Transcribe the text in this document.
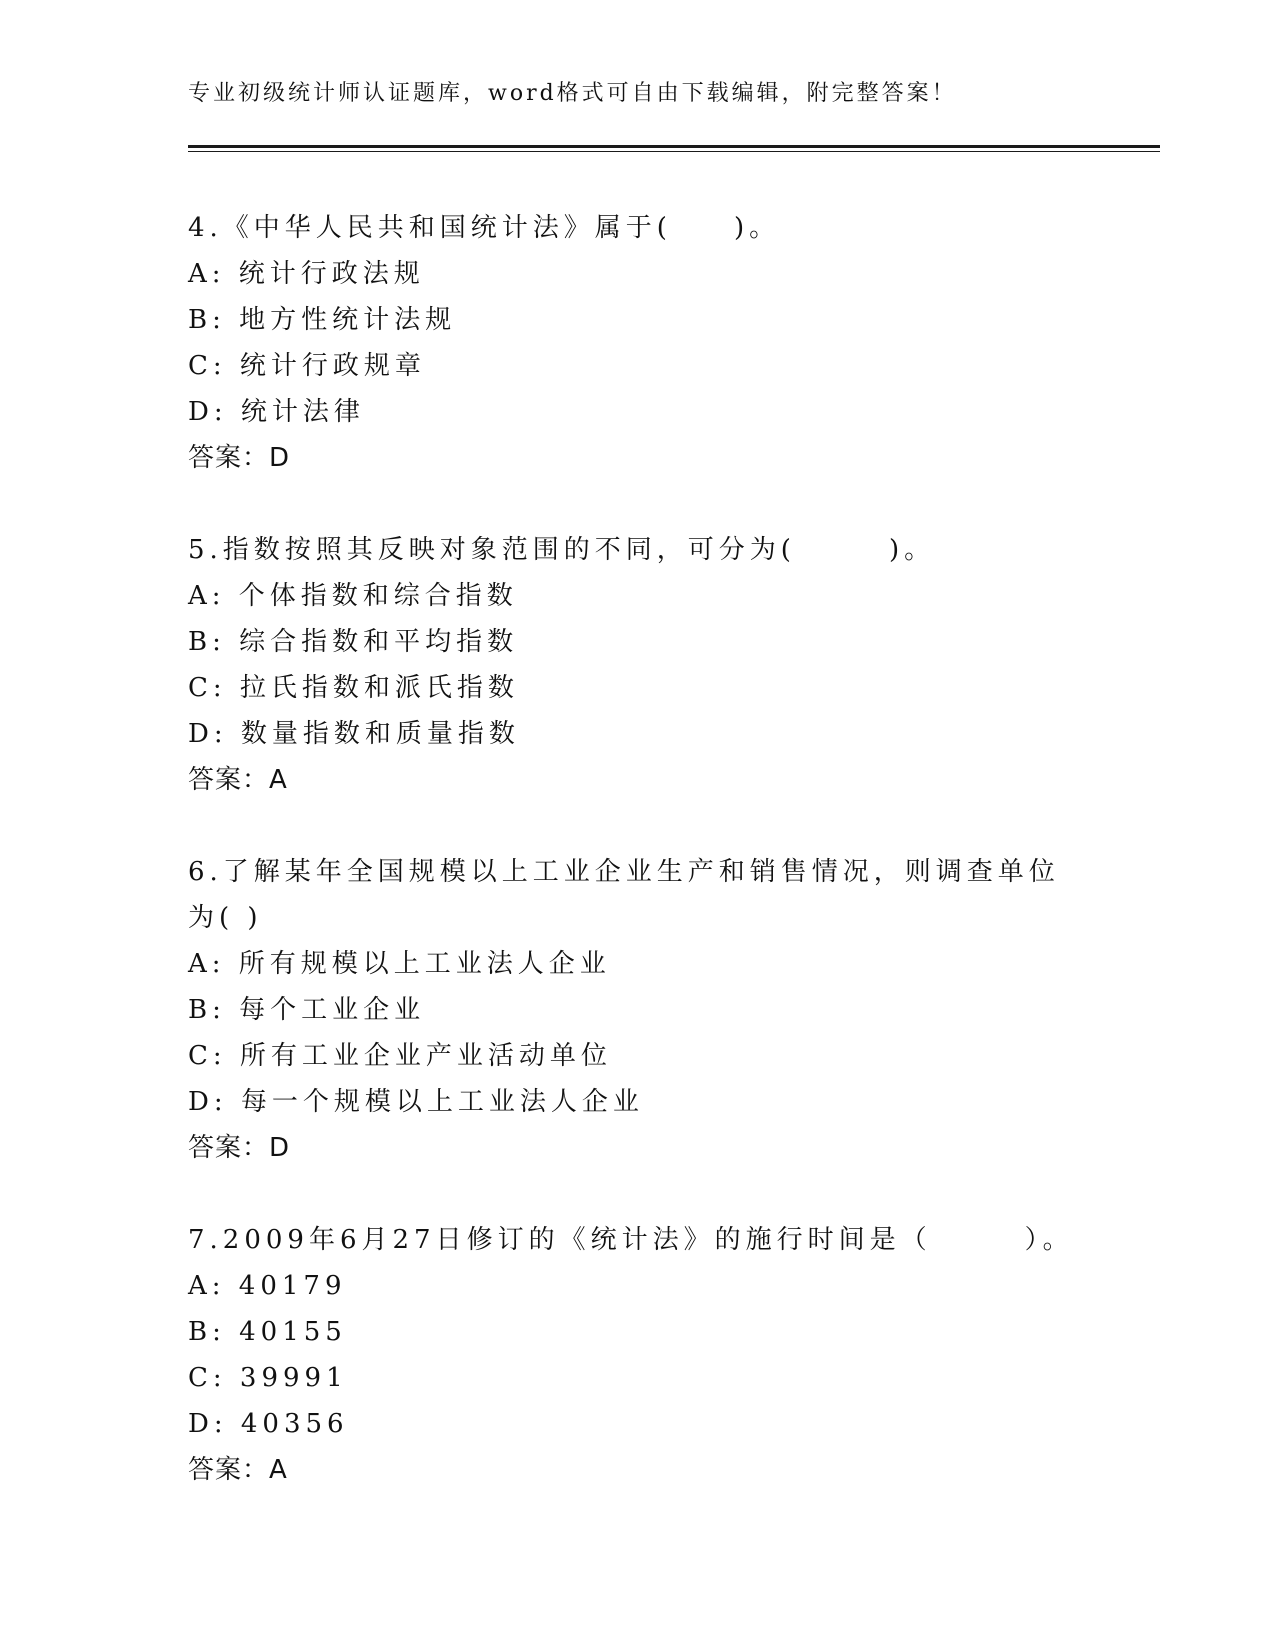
专业初级统计师认证题库，word格式可自由下载编辑，附完整答案！

4.《中华人民共和国统计法》属于(　　)。

A: 统计行政法规
B: 地方性统计法规
C: 统计行政规章
D: 统计法律
答案：D

5.指数按照其反映对象范围的不同，可分为(　　　)。

A: 个体指数和综合指数
B: 综合指数和平均指数
C: 拉氏指数和派氏指数
D: 数量指数和质量指数
答案：A

6.了解某年全国规模以上工业企业生产和销售情况，则调查单位为( )

A: 所有规模以上工业法人企业
B: 每个工业企业
C: 所有工业企业产业活动单位
D: 每一个规模以上工业法人企业
答案：D

7.2009年6月27日修订的《统计法》的施行时间是（　　　）。

A: 40179
B: 40155
C: 39991
D: 40356
答案：A
